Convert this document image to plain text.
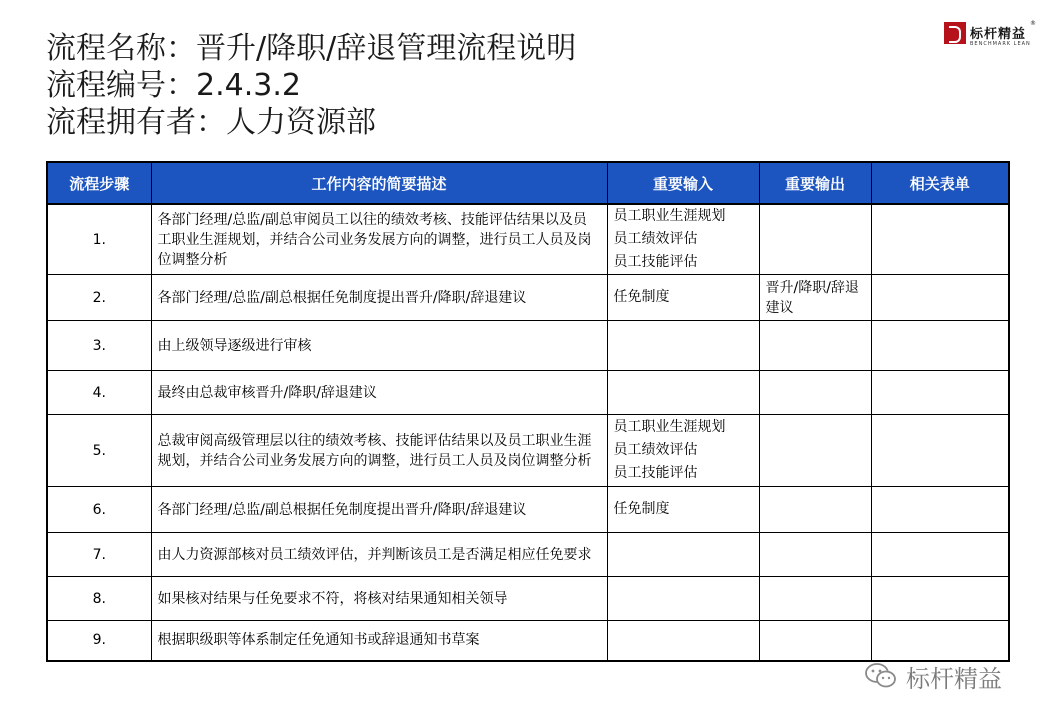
流程名称：晋升/降职/辞退管理流程说明
流程编号：2.4.3.2
流程拥有者：人力资源部
标杆精益
BENCHMARK LEAN
®
流程步骤	工作内容的简要描述	重要输入	重要输出	相关表单
1.	各部门经理/总监/副总审阅员工以往的绩效考核、技能评估结果以及员工职业生涯规划，并结合公司业务发展方向的调整，进行员工人员及岗位调整分析	员工职业生涯规划
员工绩效评估
员工技能评估		

2.	各部门经理/总监/副总根据任免制度提出晋升/降职/辞退建议	任免制度	晋升/降职/辞退建议	
3.	由上级领导逐级进行审核			
4.	最终由总裁审核晋升/降职/辞退建议			
5.	总裁审阅高级管理层以往的绩效考核、技能评估结果以及员工职业生涯规划，并结合公司业务发展方向的调整，进行员工人员及岗位调整分析	员工职业生涯规划
员工绩效评估
员工技能评估		

6.	各部门经理/总监/副总根据任免制度提出晋升/降职/辞退建议	任免制度		

7.	由人力资源部核对员工绩效评估，并判断该员工是否满足相应任免要求			
8.	如果核对结果与任免要求不符，将核对结果通知相关领导			
9.	根据职级职等体系制定任免通知书或辞退通知书草案			
标杆精益
